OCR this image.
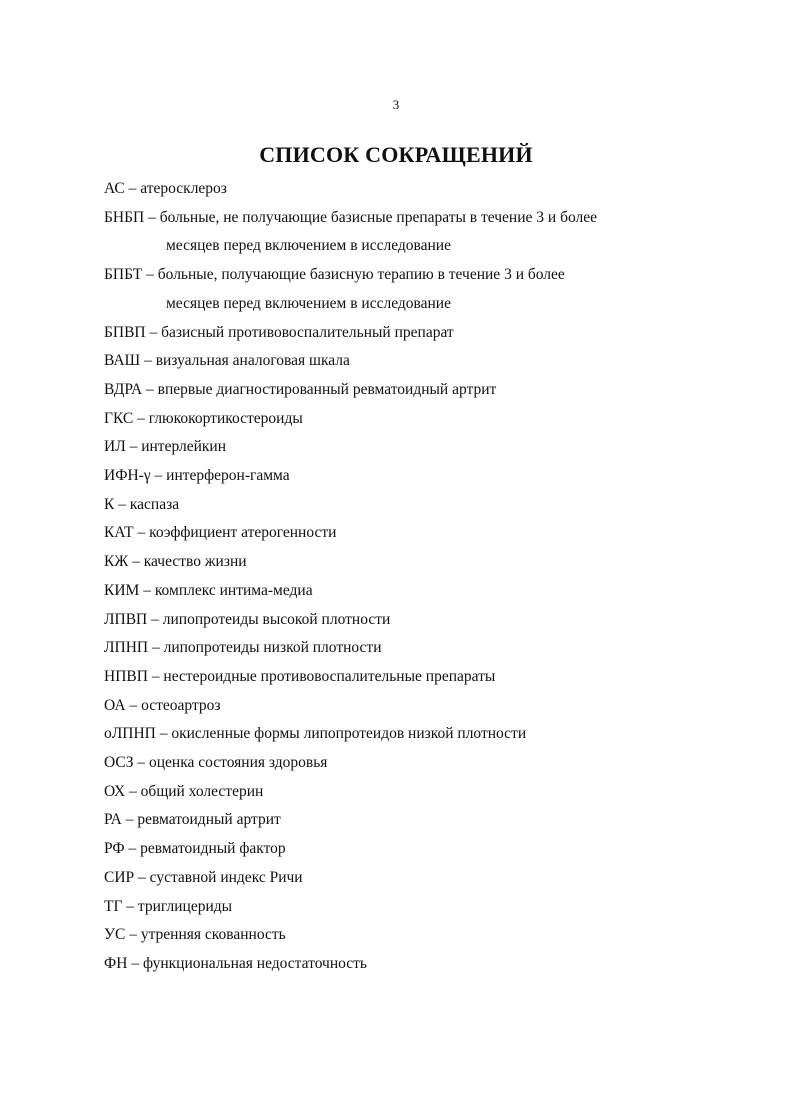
3
СПИСОК СОКРАЩЕНИЙ
АС – атеросклероз
БНБП – больные, не получающие базисные препараты в течение 3 и более
месяцев перед включением в исследование
БПБТ – больные, получающие базисную терапию в течение 3 и более
месяцев перед включением в исследование
БПВП – базисный противовоспалительный препарат
ВАШ – визуальная аналоговая шкала
ВДРА – впервые диагностированный ревматоидный артрит
ГКС – глюкокортикостероиды
ИЛ – интерлейкин
ИФН-γ – интерферон-гамма
К – каспаза
КАТ – коэффициент атерогенности
КЖ – качество жизни
КИМ – комплекс интима-медиа
ЛПВП – липопротеиды высокой плотности
ЛПНП – липопротеиды низкой плотности
НПВП – нестероидные противовоспалительные препараты
ОА – остеоартроз
оЛПНП – окисленные формы липопротеидов низкой плотности
ОСЗ – оценка состояния здоровья
ОХ – общий холестерин
РА – ревматоидный артрит
РФ – ревматоидный фактор
СИР – суставной индекс Ричи
ТГ – триглицериды
УС – утренняя скованность
ФН – функциональная недостаточность
